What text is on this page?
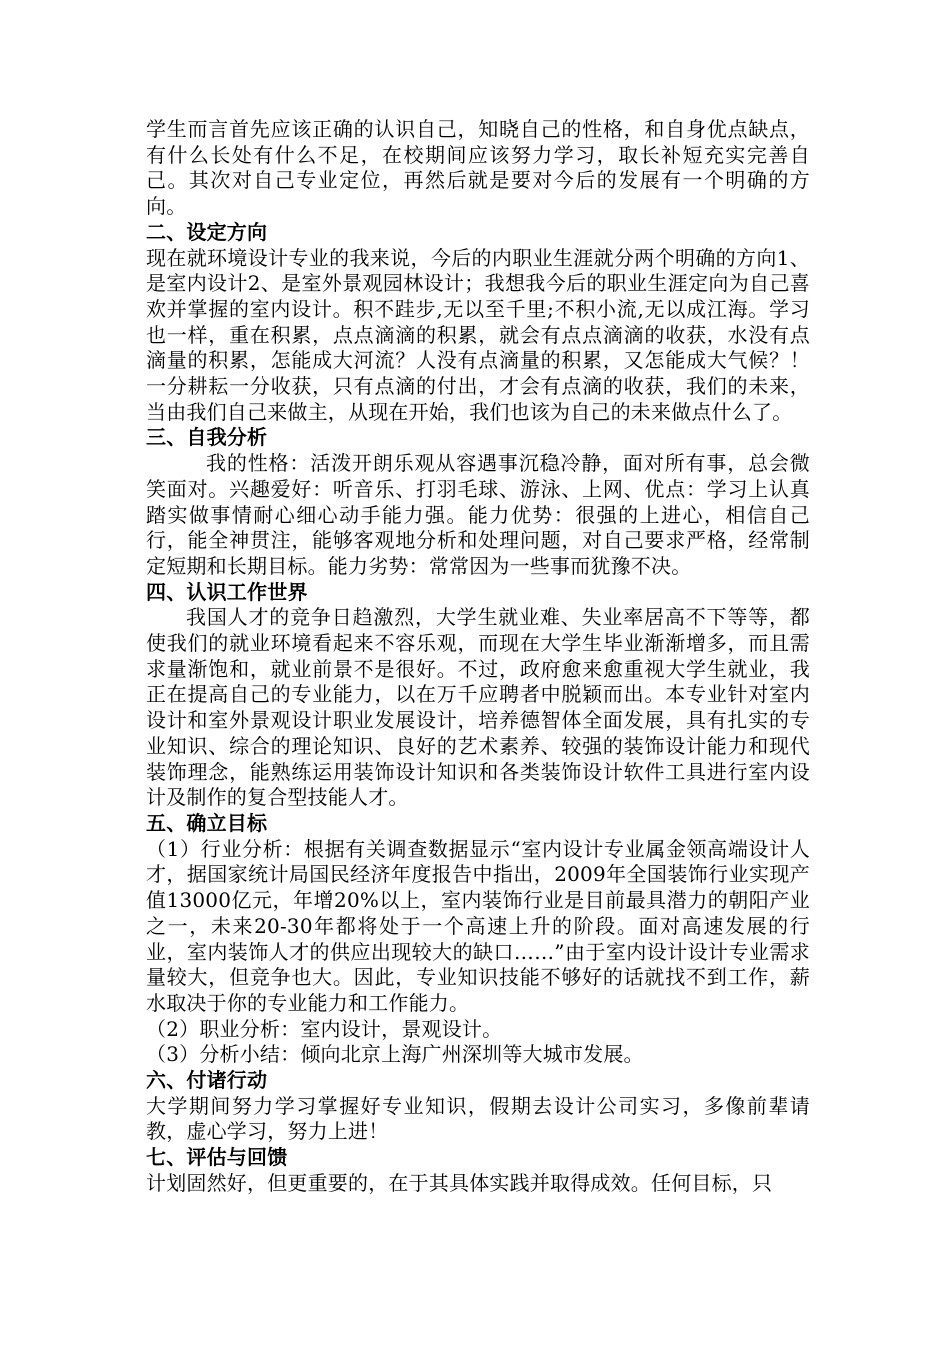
学生而言首先应该正确的认识自己，知晓自己的性格，和自身优点缺点，有什么长处有什么不足，在校期间应该努力学习，取长补短充实完善自己。其次对自己专业定位，再然后就是要对今后的发展有一个明确的方向。

二、设定方向

现在就环境设计专业的我来说，今后的内职业生涯就分两个明确的方向1、是室内设计2、是室外景观园林设计；我想我今后的职业生涯定向为自己喜欢并掌握的室内设计。积不跬步,无以至千里;不积小流,无以成江海。学习也一样，重在积累，点点滴滴的积累，就会有点点滴滴的收获，水没有点滴量的积累，怎能成大河流？人没有点滴量的积累，又怎能成大气候？！一分耕耘一分收获，只有点滴的付出，才会有点滴的收获，我们的未来，当由我们自己来做主，从现在开始，我们也该为自己的未来做点什么了。

三、自我分析

我的性格：活泼开朗乐观从容遇事沉稳冷静，面对所有事，总会微笑面对。兴趣爱好：听音乐、打羽毛球、游泳、上网、优点：学习上认真踏实做事情耐心细心动手能力强。能力优势：很强的上进心，相信自己行，能全神贯注，能够客观地分析和处理问题，对自己要求严格，经常制定短期和长期目标。能力劣势：常常因为一些事而犹豫不决。

四、认识工作世界

我国人才的竞争日趋激烈，大学生就业难、失业率居高不下等等，都使我们的就业环境看起来不容乐观，而现在大学生毕业渐渐增多，而且需求量渐饱和，就业前景不是很好。不过，政府愈来愈重视大学生就业，我正在提高自己的专业能力，以在万千应聘者中脱颖而出。本专业针对室内设计和室外景观设计职业发展设计，培养德智体全面发展，具有扎实的专业知识、综合的理论知识、良好的艺术素养、较强的装饰设计能力和现代装饰理念，能熟练运用装饰设计知识和各类装饰设计软件工具进行室内设计及制作的复合型技能人才。

五、确立目标

（1）行业分析：根据有关调查数据显示“室内设计专业属金领高端设计人才，据国家统计局国民经济年度报告中指出，2009年全国装饰行业实现产值13000亿元，年增20%以上，室内装饰行业是目前最具潜力的朝阳产业之一，未来20-30年都将处于一个高速上升的阶段。面对高速发展的行业，室内装饰人才的供应出现较大的缺口……”由于室内设计设计专业需求量较大，但竞争也大。因此，专业知识技能不够好的话就找不到工作，薪水取决于你的专业能力和工作能力。

（2）职业分析：室内设计，景观设计。

（3）分析小结：倾向北京上海广州深圳等大城市发展。

六、付诸行动

大学期间努力学习掌握好专业知识，假期去设计公司实习，多像前辈请教，虚心学习，努力上进！

七、评估与回馈

计划固然好，但更重要的，在于其具体实践并取得成效。任何目标，只
